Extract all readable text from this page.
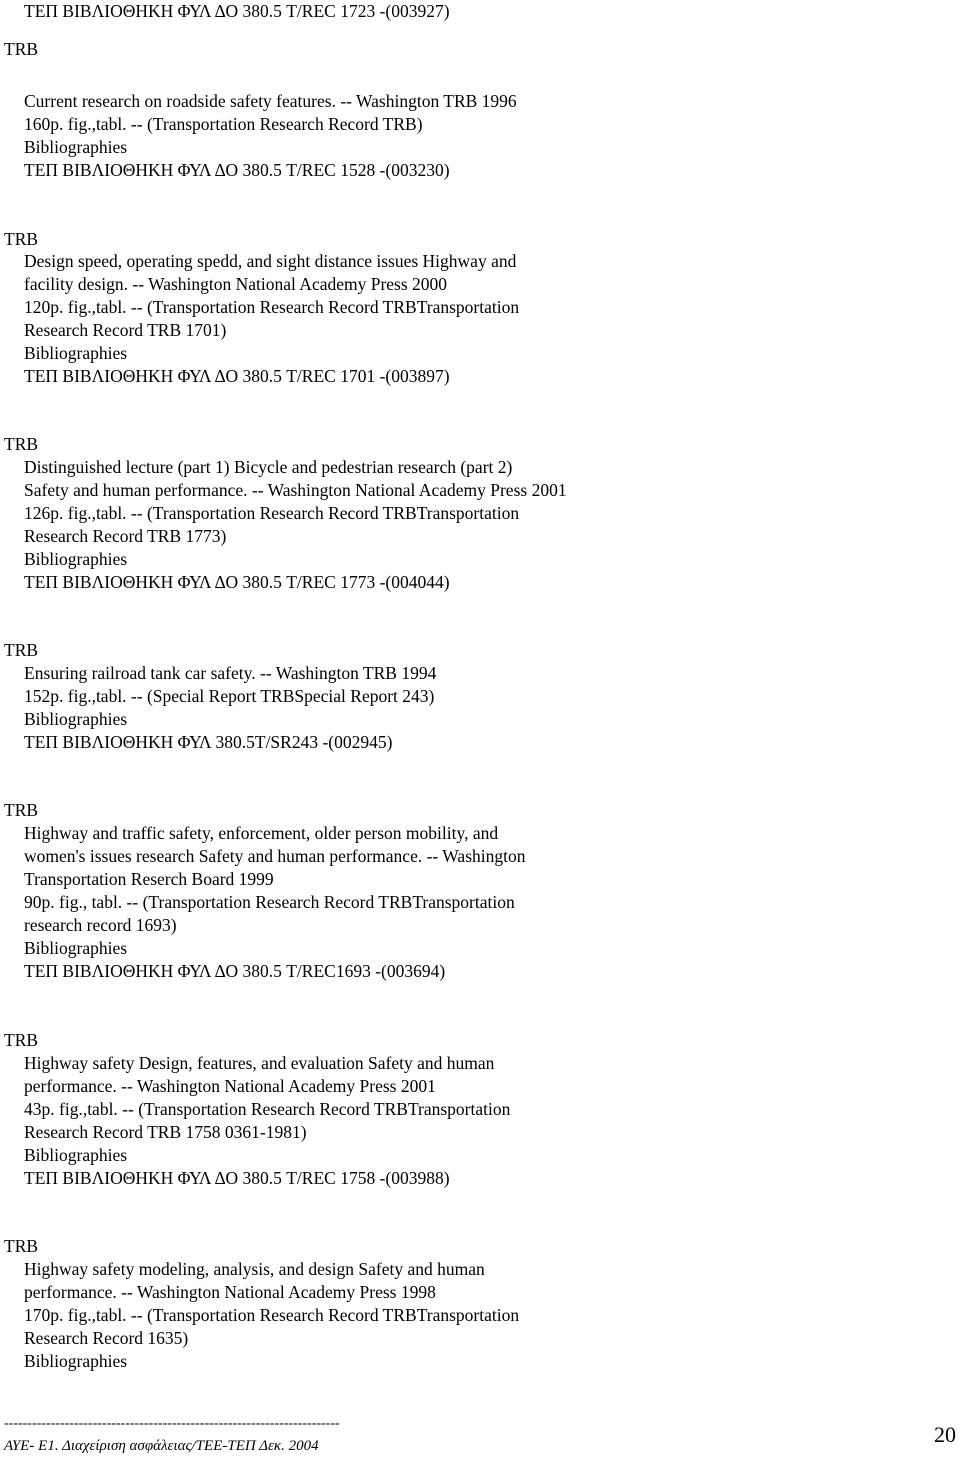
ΤΕΠ ΒΙΒΛΙΟΘΗΚΗ ΦΥΛ ΔΟ 380.5 T/REC 1723 -(003927)
TRB
Current research on roadside safety features. -- Washington TRB 1996
160p. fig.,tabl. -- (Transportation Research Record TRB)
Bibliographies
ΤΕΠ ΒΙΒΛΙΟΘΗΚΗ ΦΥΛ ΔΟ 380.5 T/REC 1528 -(003230)
TRB
Design speed, operating spedd, and sight distance issues Highway and
facility design. -- Washington National Academy Press 2000
120p. fig.,tabl. -- (Transportation Research Record TRBTransportation
Research Record TRB 1701)
Bibliographies
ΤΕΠ ΒΙΒΛΙΟΘΗΚΗ ΦΥΛ ΔΟ 380.5 T/REC 1701 -(003897)
TRB
Distinguished lecture (part 1) Bicycle and pedestrian research (part 2)
Safety and human performance. -- Washington National Academy Press 2001
126p. fig.,tabl. -- (Transportation Research Record TRBTransportation
Research Record TRB 1773)
Bibliographies
ΤΕΠ ΒΙΒΛΙΟΘΗΚΗ ΦΥΛ ΔΟ 380.5 T/REC 1773 -(004044)
TRB
Ensuring railroad tank car safety. -- Washington TRB 1994
152p. fig.,tabl. -- (Special Report TRBSpecial Report 243)
Bibliographies
ΤΕΠ ΒΙΒΛΙΟΘΗΚΗ ΦΥΛ 380.5T/SR243 -(002945)
TRB
Highway and traffic safety, enforcement, older person mobility, and
women's issues research Safety and human performance. -- Washington
Transportation Reserch Board 1999
90p. fig., tabl. -- (Transportation Research Record TRBTransportation
research record 1693)
Bibliographies
ΤΕΠ ΒΙΒΛΙΟΘΗΚΗ ΦΥΛ ΔΟ 380.5 T/REC1693 -(003694)
TRB
Highway safety Design, features, and evaluation Safety and human
performance. -- Washington National Academy Press 2001
43p. fig.,tabl. -- (Transportation Research Record TRBTransportation
Research Record TRB 1758 0361-1981)
Bibliographies
ΤΕΠ ΒΙΒΛΙΟΘΗΚΗ ΦΥΛ ΔΟ 380.5 T/REC 1758 -(003988)
TRB
Highway safety modeling, analysis, and design Safety and human
performance. -- Washington National Academy Press 1998
170p. fig.,tabl. -- (Transportation Research Record TRBTransportation
Research Record 1635)
Bibliographies
------------------------------------------------------------------------
ΑΥΕ- Ε1. Διαχείριση ασφάλειας/ΤΕΕ-ΤΕΠ Δεκ. 2004	20
